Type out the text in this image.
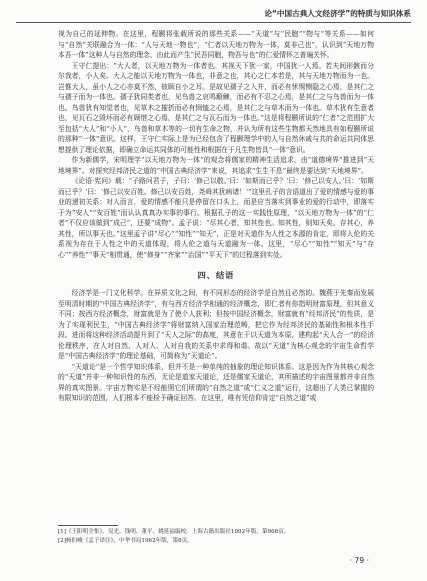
论“中国古典人文经济学”的特质与知识体系

视为自己的延伸物。在这里，程颢将张载所说的那些关系——“天道”与“民胞”“物与”等关系——如何与“自然”关联融合为一体：“人与天地一物也”，“仁者以天地万物为一体，莫非己也”，认识到“天地万物本吾一体”这种人与自然的理念，由此而产生“民吾同胞，物吾与也”的仁爱情怀之普遍关怀。

王守仁提出：“大人者，以天地万物为一体者也。其视天下犹一家，中国犹一人焉。若夫间形骸而分尔我者，小人矣。大人之能以天地万物为一体也，非意之也，其心之仁本若是，其与天地万物而为一也。岂惟大人，虽小人之心亦莫不然，彼顾自小之耳。是故见孺子之入井，而必有怵惕恻隐之心焉，是其仁之与孺子而为一体也。孺子犹同类者也，见鸟兽之哀鸣觳觫，而必有不忍之心焉，是其仁之与鸟兽而为一体也。鸟兽犹有知觉者也，见草木之摧折而必有悯恤之心焉，是其仁之与草木而为一体也。草木犹有生意者也，见瓦石之毁坏而必有顾惜之心焉，是其仁之与瓦石而为一体也。”这是将程颢所说的“仁者”之范围扩大至包括“大人”和“小人”，鸟兽和草木等的一切有生命之物，并认为所有这些生物都天然地具有如程颢所说的那种“一体”意识。这样，王守仁实际上是为已经包含了程颢理学中的人与自然休戚与共的命运共同体思想提供了理论依据，即确立命运共同体的可能性和根据在于凡生物皆具“一体”意识。

作为新儒学，宋明理学“以天地万物为一体”的观念将儒家的精神生活追求，由“道德境界”推进到“天地境界”。对探究经邦济民之道的“中国古典经济学”来说，其追求“生生不息”最终是要达到“天地境界”。

《论语·宪问》载：“子路问君子，子曰：‘修己以敬。’曰：‘如斯而已乎？’曰：‘修己以安人。’曰：‘如斯而已乎？’曰：‘修己以安百姓。修己以安百姓，尧舜其犹病诸！’”这里孔子的言语道出了爱的情感与爱的事业的递初关系：对人而言，爱的情感不能只是停留在口头上，而是应当落实到事业的爱的行动中，即落实于为“安人”“安百姓”而认认真真办实事的事行。根据孔子的这一实践性原理，“以天地万物为一体”的“仁者”不仅应该做到“成己”，还要“成物”。孟子说：“尽其心者，知其性也。知其性，则知天矣。存其心，养其性，所以事天也。”这里孟子讲“尽心”“知性”“知天”，正是对天道作为人性之本源的肯定，即将人伦的关系视为存在于人性之中的天道体现，将人伦之道与天道融为一体。这里，“尽心”“知性”“知天”与“存心”“养性”“事天”相贯通，使“修身”“齐家”“治国”“平天下”的过程落到实处。

四、结语

经济学是一门文化科学。在异质文化之间，有不同形态的经济学是自然且必然的。魏燕于先秦而发展至明清时期的“中国古典经济学”，有与西方经济学相通的经济概念，即仁者有你指明财富原理，但其意义不同；按西方经济概念，财富就是为了使个人获利；但按中国经济概念，财富就有“经邦济民”的性质，是为了实现利民生，“中国古典经济学”将财富纳入国家治理范畴，把它作为经邦济民的基础性和根本性手段。进而将这种经济活动提升到了“天人之际”的高度，其意在于以天道为本原，建构起“天人合一”的经济伦理秩序，在人对自然、人对人、人对自我的关系中求得和谐。故以“天道”为核心观念的宇宙生命哲学是“中国古典经济学”的理论基础，可简称为“天道论”。

“天道论”是一个哲学知识体系，但并不是一种单纯的抽象的理论知识体系。这是因为作为其核心观念的“天道”并非一种知识性的东西，无论是道家天道论，还是儒家天道论，其所描述的宇宙图景都并非自然界的真实图景。宇宙万物实是不经能照它们所谓的“自然之道”或“仁义之道”运行，这超出了人类已掌握的有限知识的范围，人们根本不能检予确证回答。在这里，唯有凭信仰肯定“自然之道”或

[1]《王阳明全集》，吴光、钱明、董平、姚延福编校，上海古籍出版社1992年版，第968页。
[2]杨伯峻《孟子译注》，中华书局1962年版，第8页。
· 79 ·
